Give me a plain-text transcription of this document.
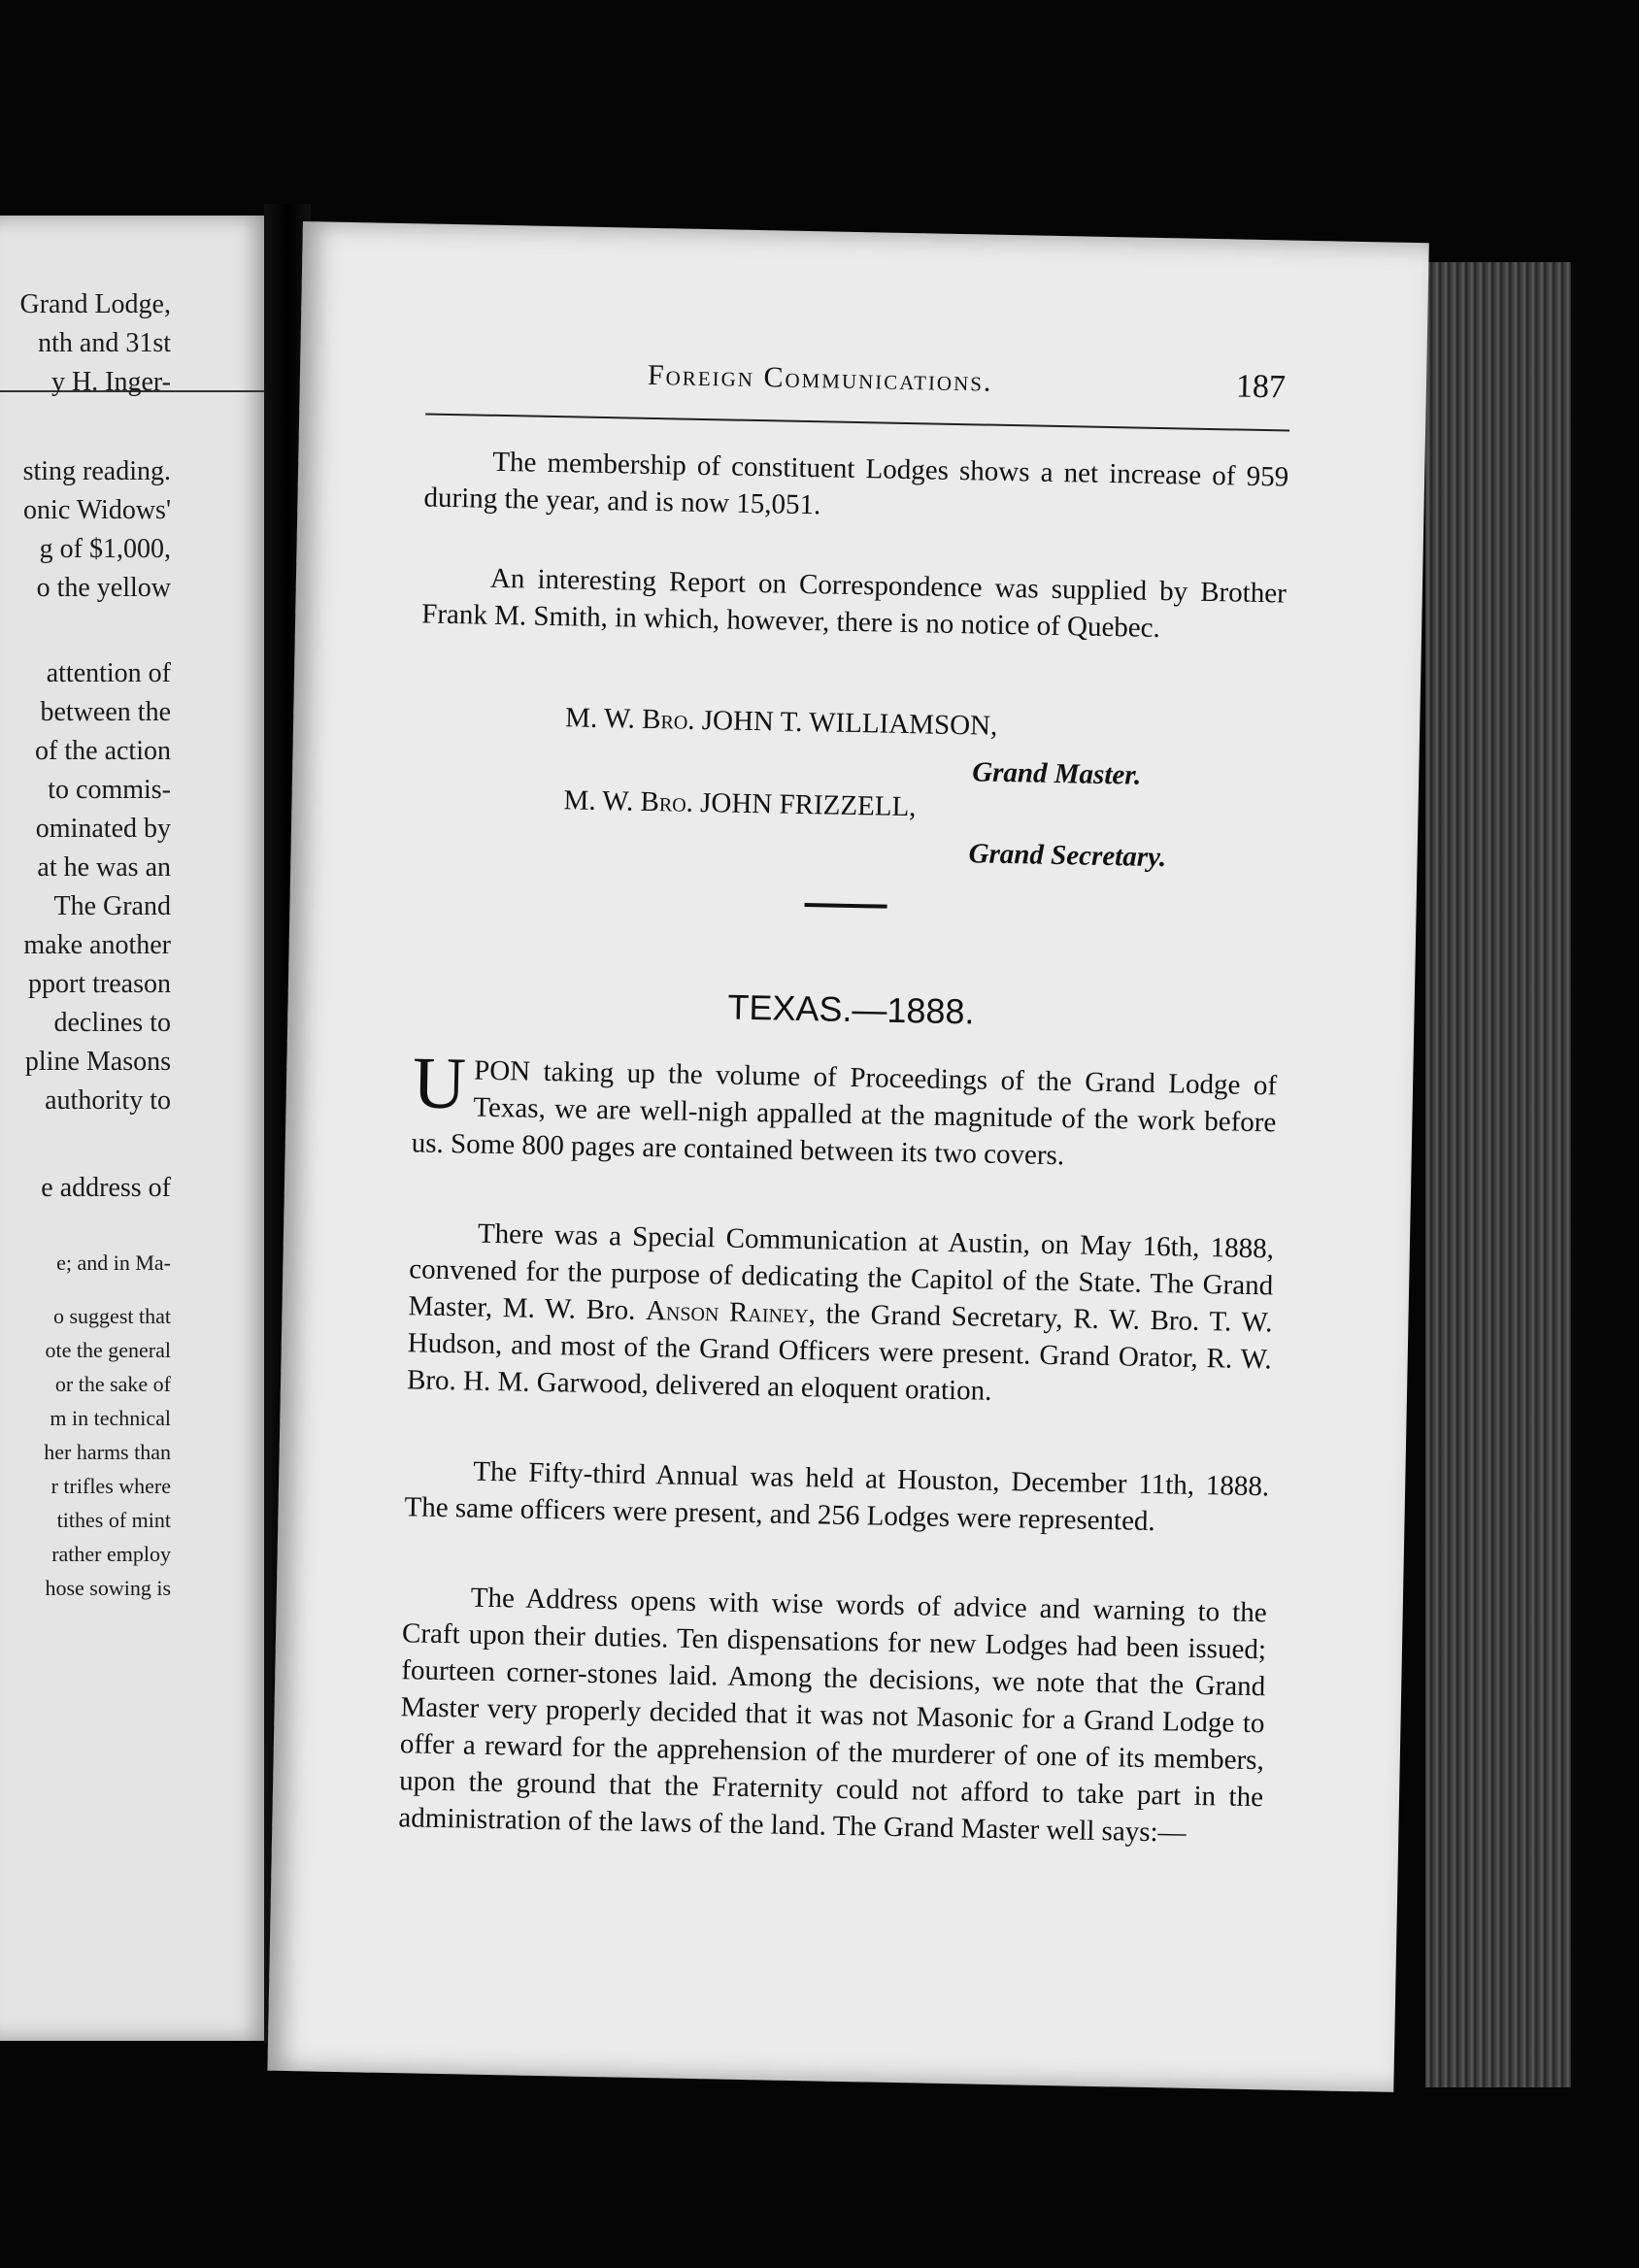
Grand Lodge,
nth and 31st
y H. Inger-
sting reading.
onic Widows'
g of $1,000,
o the yellow
attention of
between the
of the action
to commis-
ominated by
at he was an
The Grand
make another
pport treason
declines to
pline Masons
authority to
e address of
e; and in Ma-
o suggest that
ote the general
or the sake of
m in technical
her harms than
r trifles where
tithes of mint
rather employ
hose sowing is
Foreign Communications.	187
The membership of constituent Lodges shows a net increase of 959 during the year, and is now 15,051.
An interesting Report on Correspondence was supplied by Brother Frank M. Smith, in which, however, there is no notice of Quebec.
M. W. Bro. JOHN T. WILLIAMSON,
Grand Master.
M. W. Bro. JOHN FRIZZELL,
Grand Secretary.
TEXAS.—1888.
UPON taking up the volume of Proceedings of the Grand Lodge of Texas, we are well-nigh appalled at the magnitude of the work before us. Some 800 pages are contained between its two covers.
There was a Special Communication at Austin, on May 16th, 1888, convened for the purpose of dedicating the Capitol of the State. The Grand Master, M. W. Bro. Anson Rainey, the Grand Secretary, R. W. Bro. T. W. Hudson, and most of the Grand Officers were present. Grand Orator, R. W. Bro. H. M. Garwood, delivered an eloquent oration.
The Fifty-third Annual was held at Houston, December 11th, 1888. The same officers were present, and 256 Lodges were represented.
The Address opens with wise words of advice and warning to the Craft upon their duties. Ten dispensations for new Lodges had been issued; fourteen corner-stones laid. Among the decisions, we note that the Grand Master very properly decided that it was not Masonic for a Grand Lodge to offer a reward for the apprehension of the murderer of one of its members, upon the ground that the Fraternity could not afford to take part in the administration of the laws of the land. The Grand Master well says:—
